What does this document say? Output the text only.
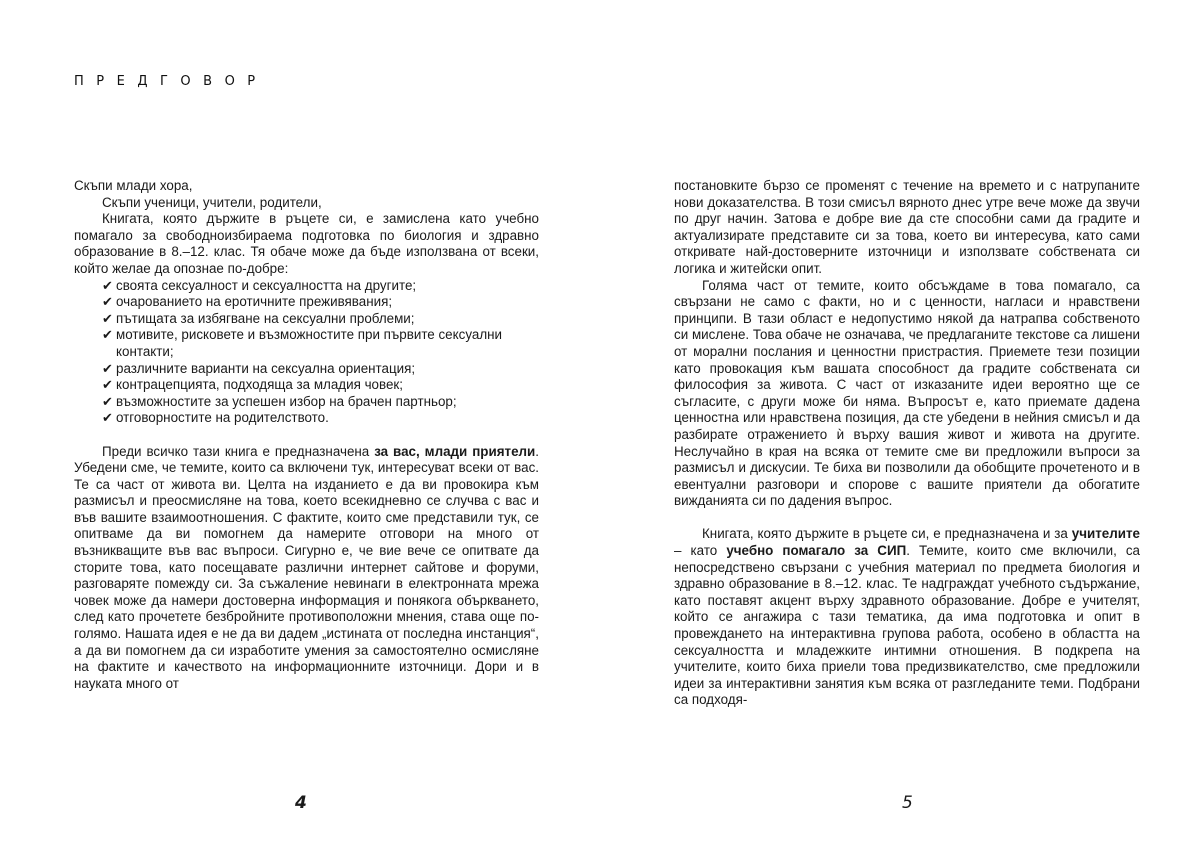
ПРЕДГОВОР

Скъпи млади хора,

Скъпи ученици, учители, родители,

Книгата, която държите в ръцете си, е замислена като учебно помагало за свободноизбираема подготовка по биология и здравно образование в 8.–12. клас. Тя обаче може да бъде използвана от всеки, който желае да опознае по-добре:

✔ своята сексуалност и сексуалността на другите;
✔ очарованието на еротичните преживявания;
✔ пътищата за избягване на сексуални проблеми;
✔ мотивите, рисковете и възможностите при първите сексуални контакти;
✔ различните варианти на сексуална ориентация;
✔ контрацепцията, подходяща за младия човек;
✔ възможностите за успешен избор на брачен партньор;
✔ отговорностите на родителството.

Преди всичко тази книга е предназначена за вас, млади приятели. Убедени сме, че темите, които са включени тук, интересуват всеки от вас. Те са част от живота ви. Целта на изданието е да ви провокира към размисъл и преосмисляне на това, което всекидневно се случва с вас и във вашите взаимоотношения. С фактите, които сме представили тук, се опитваме да ви помогнем да намерите отговори на много от възникващите във вас въпроси. Сигурно е, че вие вече се опитвате да сторите това, като посещавате различни интернет сайтове и форуми, разговаряте помежду си. За съжаление невинаги в електронната мрежа човек може да намери достоверна информация и понякога объркването, след като прочетете безбройните противоположни мнения, става още по-голямо. Нашата идея е не да ви дадем „истината от последна инстанция“, а да ви помогнем да си изработите умения за самостоятелно осмисляне на фактите и качеството на информационните източници. Дори и в науката много от

постановките бързо се променят с течение на времето и с натрупаните нови доказателства. В този смисъл вярното днес утре вече може да звучи по друг начин. Затова е добре вие да сте способни сами да градите и актуализирате представите си за това, което ви интересува, като сами откривате най-достоверните източници и използвате собствената си логика и житейски опит.

Голяма част от темите, които обсъждаме в това помагало, са свързани не само с факти, но и с ценности, нагласи и нравствени принципи. В тази област е недопустимо някой да натрапва собственото си мислене. Това обаче не означава, че предлаганите текстове са лишени от морални послания и ценностни пристрастия. Приемете тези позиции като провокация към вашата способност да градите собствената си философия за живота. С част от изказаните идеи вероятно ще се съгласите, с други може би няма. Въпросът е, като приемате дадена ценностна или нравствена позиция, да сте убедени в нейния смисъл и да разбирате отражението ѝ върху вашия живот и живота на другите. Неслучайно в края на всяка от темите сме ви предложили въпроси за размисъл и дискусии. Те биха ви позволили да обобщите прочетеното и в евентуални разговори и спорове с вашите приятели да обогатите вижданията си по дадения въпрос.

Книгата, която държите в ръцете си, е предназначена и за учителите – като учебно помагало за СИП. Темите, които сме включили, са непосредствено свързани с учебния материал по предмета биология и здравно образование в 8.–12. клас. Те надграждат учебното съдържание, като поставят акцент върху здравното образование. Добре е учителят, който се ангажира с тази тематика, да има подготовка и опит в провеждането на интерактивна групова работа, особено в областта на сексуалността и младежките интимни отношения. В подкрепа на учителите, които биха приели това предизвикателство, сме предложили идеи за интерактивни занятия към всяка от разгледаните теми. Подбрани са подходя-

4	5
